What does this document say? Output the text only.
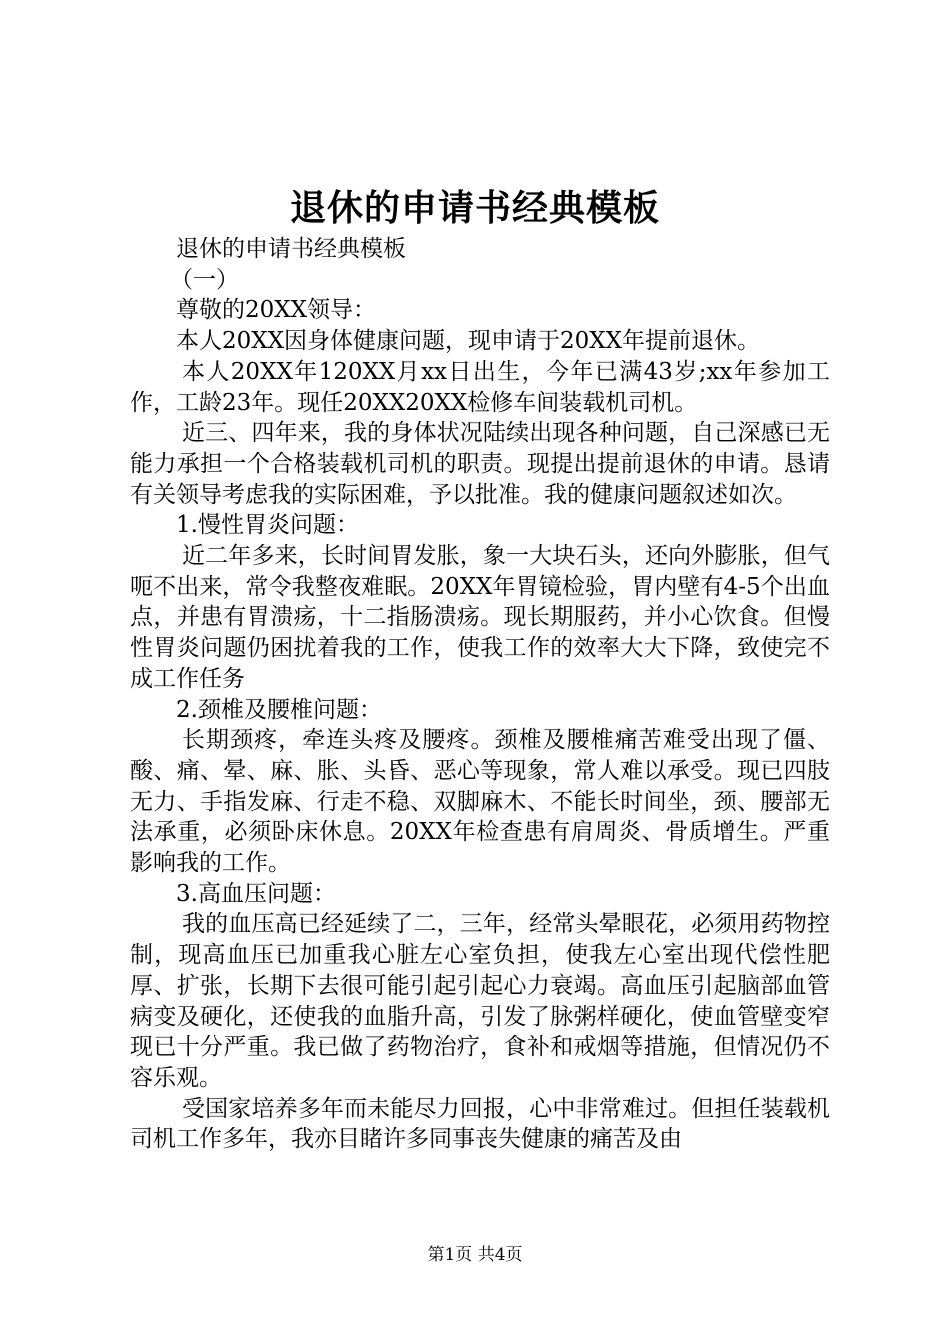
退休的申请书经典模板

退休的申请书经典模板

（一）

尊敬的20XX领导：

本人20XX因身体健康问题，现申请于20XX年提前退休。

本人20XX年120XX月xx日出生，今年已满43岁;xx年参加工作，工龄23年。现任20XX20XX检修车间装载机司机。

近三、四年来，我的身体状况陆续出现各种问题，自己深感已无能力承担一个合格装载机司机的职责。现提出提前退休的申请。恳请有关领导考虑我的实际困难，予以批准。我的健康问题叙述如次。

1.慢性胃炎问题：

近二年多来，长时间胃发胀，象一大块石头，还向外膨胀，但气呃不出来，常令我整夜难眠。20XX年胃镜检验，胃内壁有4-5个出血点，并患有胃溃疡，十二指肠溃疡。现长期服药，并小心饮食。但慢性胃炎问题仍困扰着我的工作，使我工作的效率大大下降，致使完不成工作任务

2.颈椎及腰椎问题：

长期颈疼，牵连头疼及腰疼。颈椎及腰椎痛苦难受出现了僵、酸、痛、晕、麻、胀、头昏、恶心等现象，常人难以承受。现已四肢无力、手指发麻、行走不稳、双脚麻木、不能长时间坐，颈、腰部无法承重，必须卧床休息。20XX年检查患有肩周炎、骨质增生。严重影响我的工作。

3.高血压问题：

我的血压高已经延续了二，三年，经常头晕眼花，必须用药物控制，现高血压已加重我心脏左心室负担，使我左心室出现代偿性肥厚、扩张，长期下去很可能引起引起心力衰竭。高血压引起脑部血管病变及硬化，还使我的血脂升高，引发了脉粥样硬化，使血管壁变窄现已十分严重。我已做了药物治疗，食补和戒烟等措施，但情况仍不容乐观。

受国家培养多年而未能尽力回报，心中非常难过。但担任装载机司机工作多年，我亦目睹许多同事丧失健康的痛苦及由

第1页 共4页
